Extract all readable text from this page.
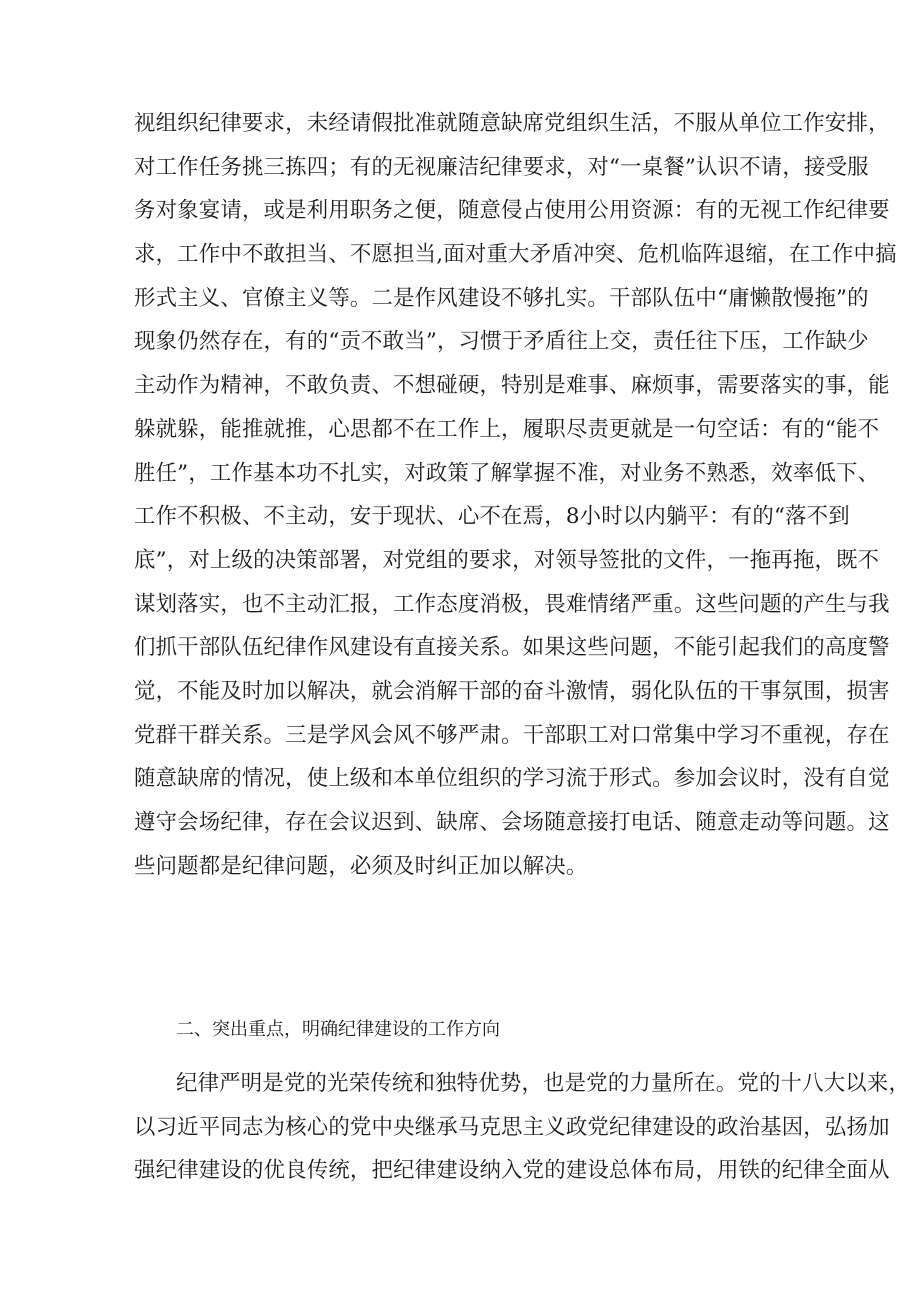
视组织纪律要求，未经请假批准就随意缺席党组织生活，不服从单位工作安排，
对工作任务挑三拣四；有的无视廉洁纪律要求，对“一桌餐”认识不请，接受服
务对象宴请，或是利用职务之便，随意侵占使用公用资源：有的无视工作纪律要
求，工作中不敢担当、不愿担当,面对重大矛盾冲突、危机临阵退缩，在工作中搞
形式主义、官僚主义等。二是作风建设不够扎实。干部队伍中“庸懒散慢拖”的
现象仍然存在，有的“贡不敢当”，习惯于矛盾往上交，责任往下压，工作缺少
主动作为精神，不敢负责、不想碰硬，特别是难事、麻烦事，需要落实的事，能
躲就躲，能推就推，心思都不在工作上，履职尽责更就是一句空话：有的“能不
胜任”，工作基本功不扎实，对政策了解掌握不准，对业务不熟悉，效率低下、
工作不积极、不主动，安于现状、心不在焉，8小时以内躺平：有的“落不到
底”，对上级的决策部署，对党组的要求，对领导签批的文件，一拖再拖，既不
谋划落实，也不主动汇报，工作态度消极，畏难情绪严重。这些问题的产生与我
们抓干部队伍纪律作风建设有直接关系。如果这些问题，不能引起我们的高度警
觉，不能及时加以解决，就会消解干部的奋斗激情，弱化队伍的干事氛围，损害
党群干群关系。三是学风会风不够严肃。干部职工对口常集中学习不重视，存在
随意缺席的情况，使上级和本单位组织的学习流于形式。参加会议时，没有自觉
遵守会场纪律，存在会议迟到、缺席、会场随意接打电话、随意走动等问题。这
些问题都是纪律问题，必须及时纠正加以解决。
二、突出重点，明确纪律建设的工作方向
纪律严明是党的光荣传统和独特优势，也是党的力量所在。党的十八大以来，
以习近平同志为核心的党中央继承马克思主义政党纪律建设的政治基因，弘扬加
强纪律建设的优良传统，把纪律建设纳入党的建设总体布局，用铁的纪律全面从
